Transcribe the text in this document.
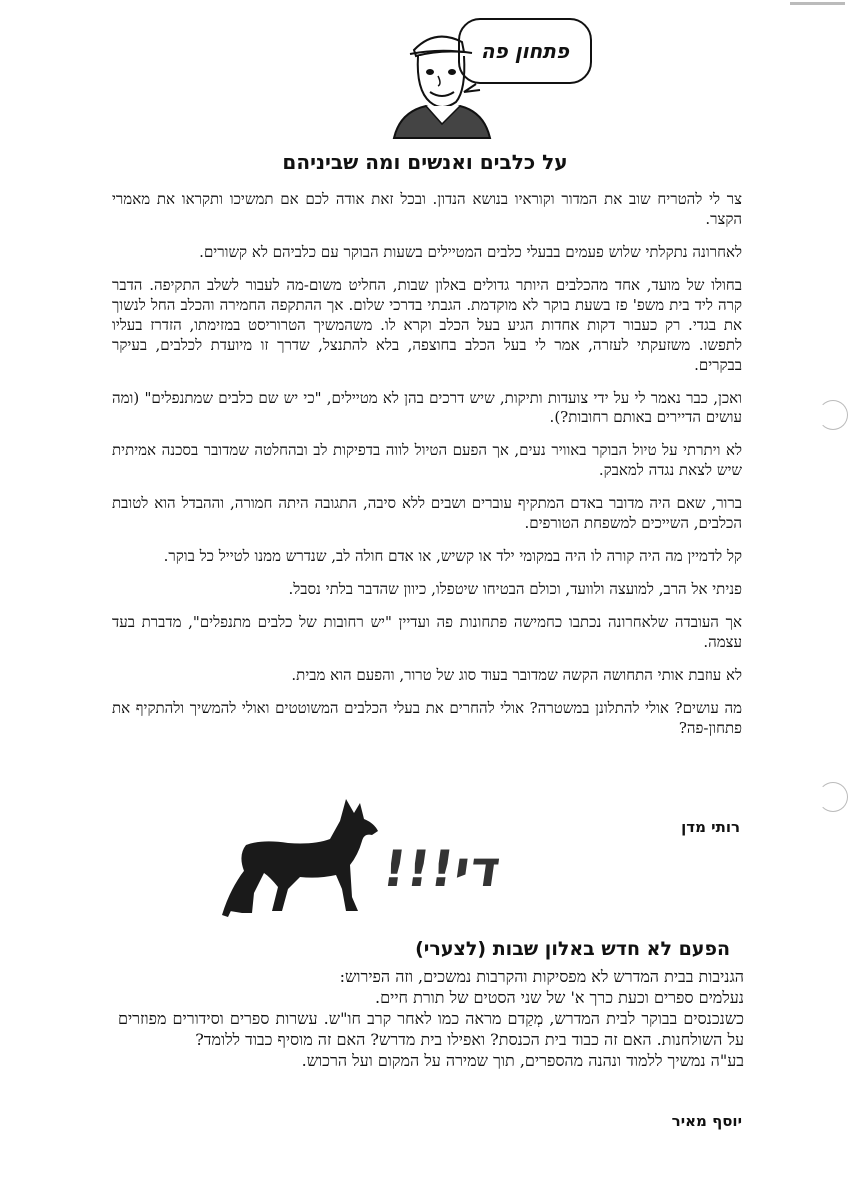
פתחון פה
על כלבים ואנשים ומה שביניהם

צר לי להטריח שוב את המדור וקוראיו בנושא הנדון. ובכל זאת אודה לכם אם תמשיכו ותקראו את מאמרי הקצר.

לאחרונה נתקלתי שלוש פעמים בבעלי כלבים המטיילים בשעות הבוקר עם כלביהם לא קשורים.

בחולו של מועד, אחד מהכלבים היותר גדולים באלון שבות, החליט משום-מה לעבור לשלב התקיפה. הדבר קרה ליד בית משפ' פז בשעת בוקר לא מוקדמת. הגבתי בדרכי שלום. אך ההתקפה החמירה והכלב החל לנשוך את בגדי. רק כעבור דקות אחדות הגיע בעל הכלב וקרא לו. משהמשיך הטרוריסט במזימתו, הזדרז בעליו לתפשו. משזעקתי לעזרה, אמר לי בעל הכלב בחוצפה, בלא להתנצל, שדרך זו מיועדת לכלבים, בעיקר בבקרים.

ואכן, כבר נאמר לי על ידי צועדות ותיקות, שיש דרכים בהן לא מטיילים, "כי יש שם כלבים שמתנפלים" (ומה עושים הדיירים באותם רחובות?).

לא ויתרתי על טיול הבוקר באוויר נעים, אך הפעם הטיול לווה בדפיקות לב ובהחלטה שמדובר בסכנה אמיתית שיש לצאת נגדה למאבק.

ברור, שאם היה מדובר באדם המתקיף עוברים ושבים ללא סיבה, התגובה היתה חמורה, וההבדל הוא לטובת הכלבים, השייכים למשפחת הטורפים.

קל לדמיין מה היה קורה לו היה במקומי ילד או קשיש, או אדם חולה לב, שנדרש ממנו לטייל כל בוקר.

פניתי אל הרב, למועצה ולוועד, וכולם הבטיחו שיטפלו, כיוון שהדבר בלתי נסבל.

אך העובדה שלאחרונה נכתבו כחמישה פתחונות פה ועדיין "יש רחובות של כלבים מתנפלים", מדברת בעד עצמה.

לא עוזבת אותי התחושה הקשה שמדובר בעוד סוג של טרור, והפעם הוא מבית.

מה עושים? אולי להתלונן במשטרה? אולי להחרים את בעלי הכלבים המשוטטים ואולי להמשיך ולהתקיף את פתחון-פה?

רותי מדן
די!!!
הפעם לא חדש באלון שבות (לצערי)

הגניבות בבית המדרש לא מפסיקות והקרבות נמשכים, וזה הפירוש:

נעלמים ספרים וכעת כרך א' של שני הסטים של תורת חיים.

כשנכנסים בבוקר לבית המדרש, מְקַדם מראה כמו לאחר קרב חו"ש. עשרות ספרים וסידורים מפוזרים על השולחנות. האם זה כבוד בית הכנסת? ואפילו בית מדרש? האם זה מוסיף כבוד ללומד?

בע"ה נמשיך ללמוד ונהנה מהספרים, תוך שמירה על המקום ועל הרכוש.

יוסף מאיר
